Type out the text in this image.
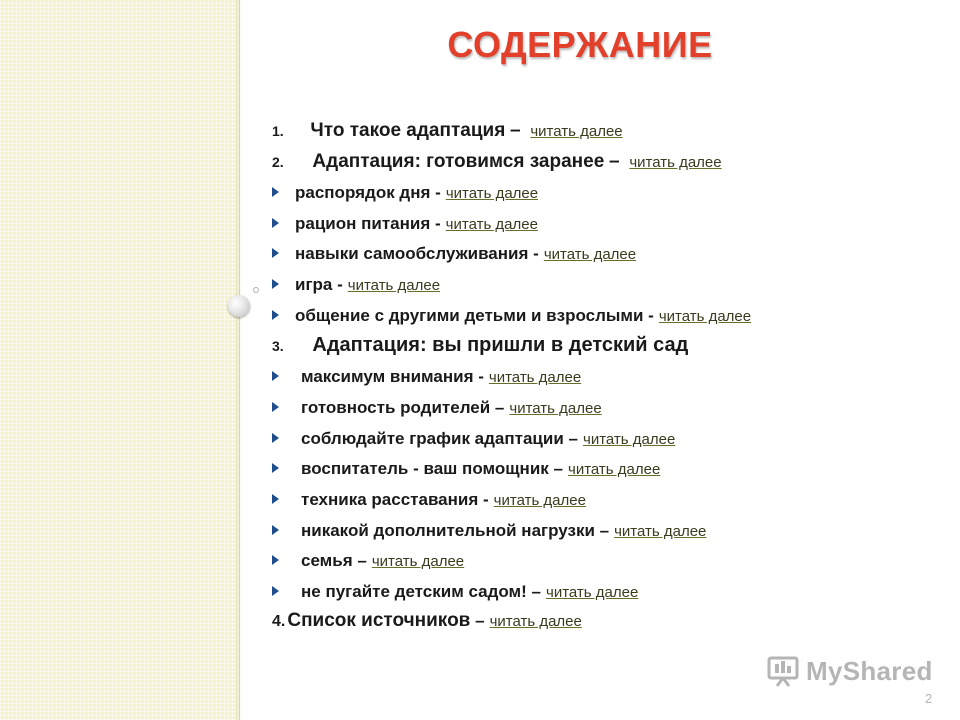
СОДЕРЖАНИЕ
1. Что такое адаптация – читать далее
2. Адаптация: готовимся заранее – читать далее
распорядок дня - читать далее
рацион питания - читать далее
навыки самообслуживания - читать далее
игра - читать далее
общение с другими детьми и взрослыми - читать далее
3. Адаптация: вы пришли в детский сад
максимум внимания - читать далее
готовность родителей – читать далее
соблюдайте график адаптации – читать далее
воспитатель - ваш помощник – читать далее
техника расставания - читать далее
никакой дополнительной нагрузки – читать далее
семья – читать далее
не пугайте детским садом! – читать далее
4. Список источников – читать далее
MyShared
2
